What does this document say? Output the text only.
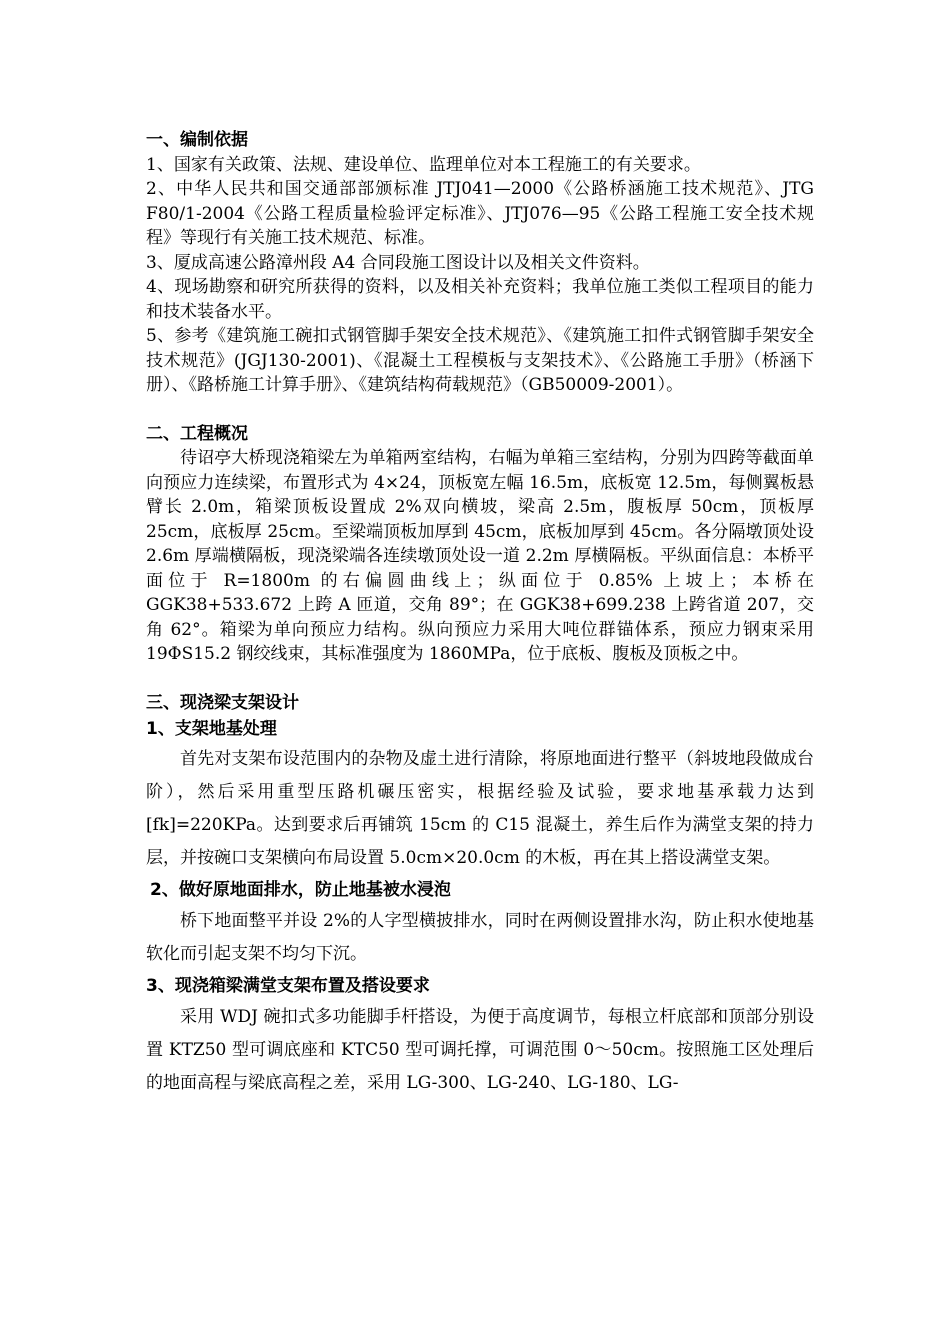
一、编制依据

1、国家有关政策、法规、建设单位、监理单位对本工程施工的有关要求。

2、中华人民共和国交通部部颁标准 JTJ041—2000《公路桥涵施工技术规范》、JTG F80/1-2004《公路工程质量检验评定标准》、JTJ076—95《公路工程施工安全技术规程》等现行有关施工技术规范、标准。

3、厦成高速公路漳州段 A4 合同段施工图设计以及相关文件资料。

4、现场勘察和研究所获得的资料，以及相关补充资料；我单位施工类似工程项目的能力和技术装备水平。

5、参考《建筑施工碗扣式钢管脚手架安全技术规范》、《建筑施工扣件式钢管脚手架安全技术规范》(JGJ130-2001)、《混凝土工程模板与支架技术》、《公路施工手册》（桥涵下册）、《路桥施工计算手册》、《建筑结构荷载规范》（GB50009-2001）。

二、工程概况

待诏亭大桥现浇箱梁左为单箱两室结构，右幅为单箱三室结构，分别为四跨等截面单向预应力连续梁，布置形式为 4×24，顶板宽左幅 16.5m，底板宽 12.5m，每侧翼板悬臂长 2.0m，箱梁顶板设置成 2%双向横坡，梁高 2.5m，腹板厚 50cm，顶板厚 25cm，底板厚 25cm。至梁端顶板加厚到 45cm，底板加厚到 45cm。各分隔墩顶处设 2.6m 厚端横隔板，现浇梁端各连续墩顶处设一道 2.2m 厚横隔板。平纵面信息：本桥平面位于 R=1800m 的右偏圆曲线上；纵面位于 0.85% 上坡上；本桥在 GGK38+533.672 上跨 A 匝道，交角 89°；在 GGK38+699.238 上跨省道 207，交角 62°。箱梁为单向预应力结构。纵向预应力采用大吨位群锚体系，预应力钢束采用 19ΦS15.2 钢绞线束，其标准强度为 1860MPa，位于底板、腹板及顶板之中。

三、现浇梁支架设计
1、支架地基处理

首先对支架布设范围内的杂物及虚土进行清除，将原地面进行整平（斜坡地段做成台阶），然后采用重型压路机碾压密实，根据经验及试验，要求地基承载力达到[fk]=220KPa。达到要求后再铺筑 15cm 的 C15 混凝土，养生后作为满堂支架的持力层，并按碗口支架横向布局设置 5.0cm×20.0cm 的木板，再在其上搭设满堂支架。

2、做好原地面排水，防止地基被水浸泡

桥下地面整平并设 2%的人字型横披排水，同时在两侧设置排水沟，防止积水使地基软化而引起支架不均匀下沉。

3、现浇箱梁满堂支架布置及搭设要求

采用 WDJ 碗扣式多功能脚手杆搭设，为便于高度调节，每根立杆底部和顶部分别设置 KTZ50 型可调底座和 KTC50 型可调托撑，可调范围 0～50cm。按照施工区处理后的地面高程与梁底高程之差，采用 LG-300、LG-240、LG-180、LG-
